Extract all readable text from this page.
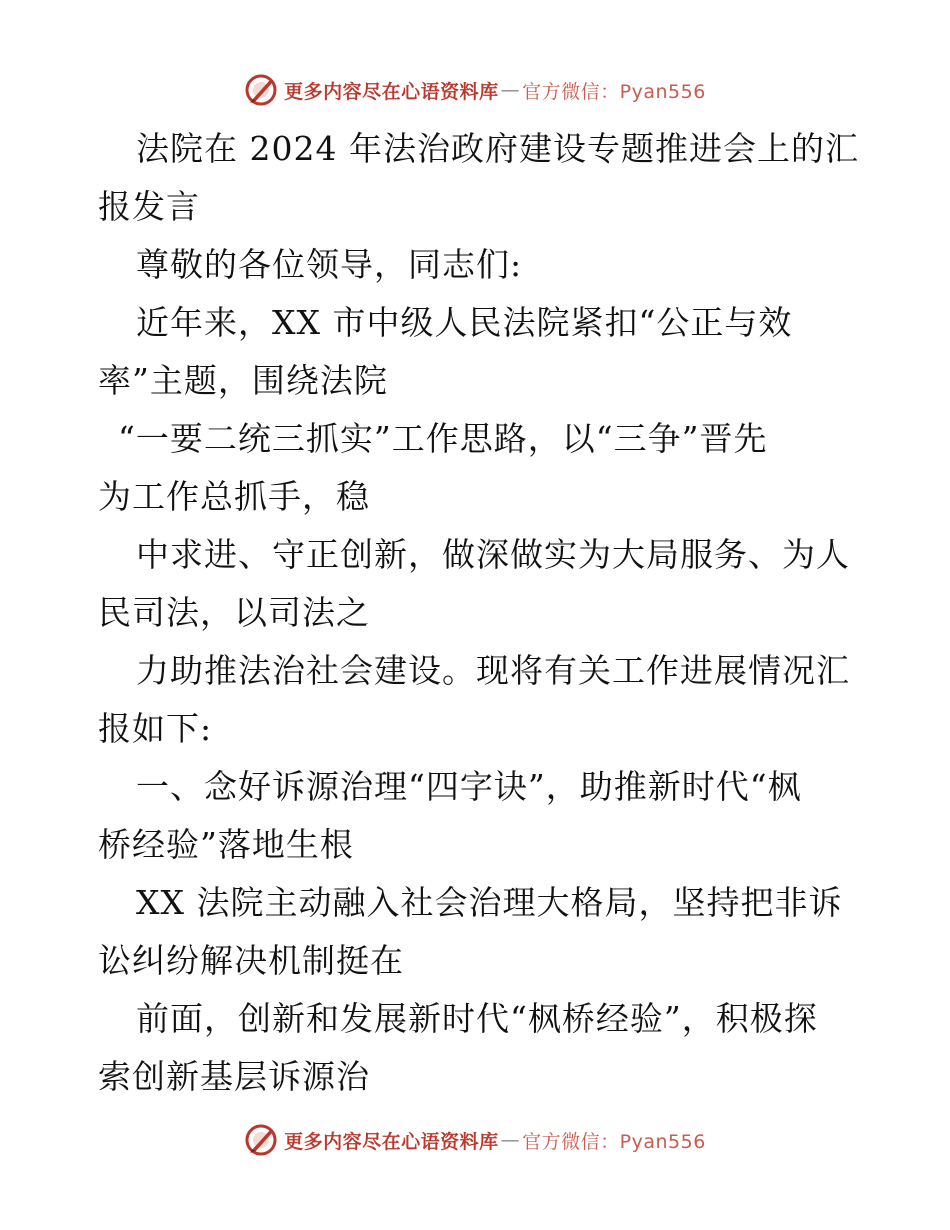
更多内容尽在心语资料库 — 官方微信：Pyan556
法院在 2024 年法治政府建设专题推进会上的汇
报发言
尊敬的各位领导，同志们:
近年来，XX 市中级人民法院紧扣“公正与效
率”主题，围绕法院
“一要二统三抓实”工作思路，以“三争”晋先
为工作总抓手，稳
中求进、守正创新，做深做实为大局服务、为人
民司法，以司法之
力助推法治社会建设。现将有关工作进展情况汇
报如下:
一、念好诉源治理“四字诀”，助推新时代“枫
桥经验”落地生根
XX 法院主动融入社会治理大格局，坚持把非诉
讼纠纷解决机制挺在
前面，创新和发展新时代“枫桥经验”，积极探
索创新基层诉源治
更多内容尽在心语资料库 — 官方微信：Pyan556
